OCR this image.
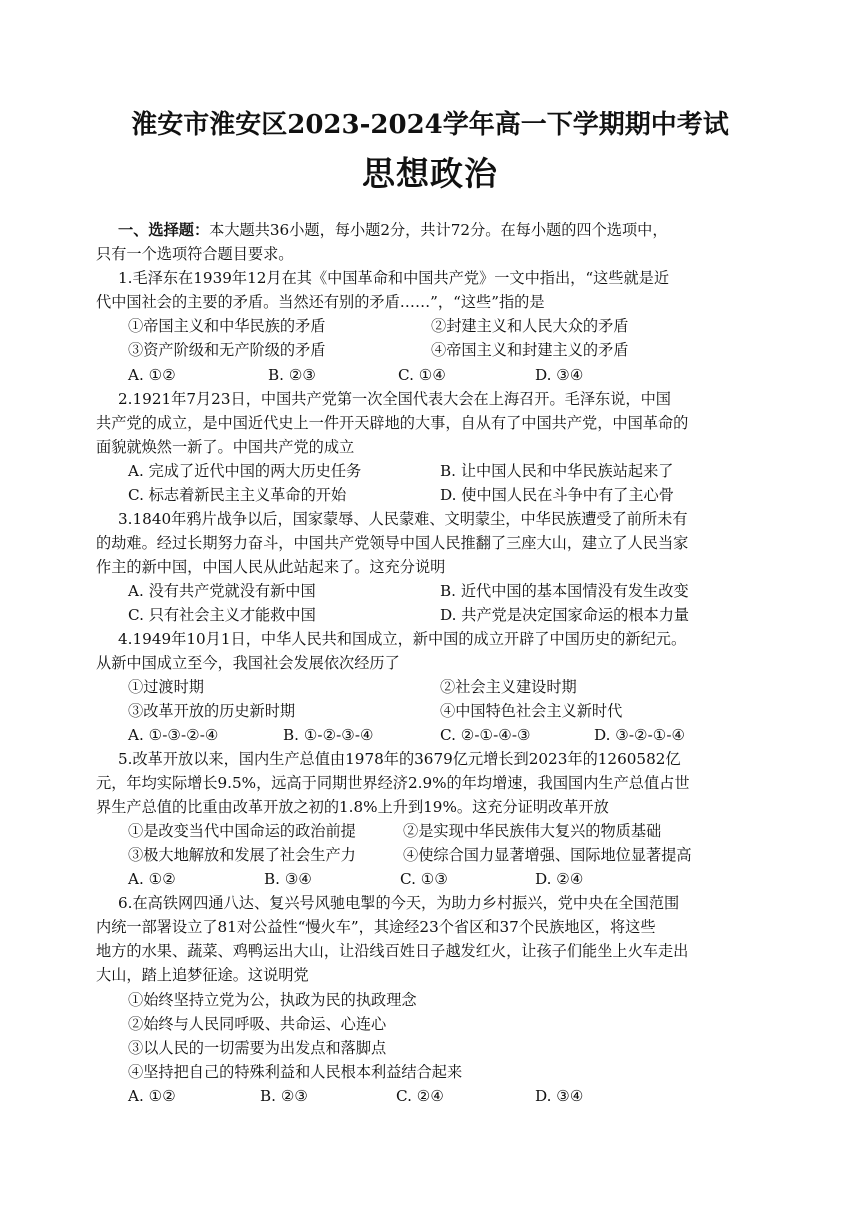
淮安市淮安区2023-2024学年高一下学期期中考试
思想政治
一、选择题：本大题共36小题，每小题2分，共计72分。在每小题的四个选项中，
只有一个选项符合题目要求。
1.毛泽东在1939年12月在其《中国革命和中国共产党》一文中指出，“这些就是近
代中国社会的主要的矛盾。当然还有别的矛盾……”，“这些”指的是
①帝国主义和中华民族的矛盾	②封建主义和人民大众的矛盾
③资产阶级和无产阶级的矛盾	④帝国主义和封建主义的矛盾
A. ①②	B. ②③	C. ①④	D. ③④
2.1921年7月23日，中国共产党第一次全国代表大会在上海召开。毛泽东说，中国
共产党的成立，是中国近代史上一件开天辟地的大事，自从有了中国共产党，中国革命的
面貌就焕然一新了。中国共产党的成立
A. 完成了近代中国的两大历史任务	B. 让中国人民和中华民族站起来了
C. 标志着新民主主义革命的开始	D. 使中国人民在斗争中有了主心骨
3.1840年鸦片战争以后，国家蒙辱、人民蒙难、文明蒙尘，中华民族遭受了前所未有
的劫难。经过长期努力奋斗，中国共产党领导中国人民推翻了三座大山，建立了人民当家
作主的新中国，中国人民从此站起来了。这充分说明
A. 没有共产党就没有新中国	B. 近代中国的基本国情没有发生改变
C. 只有社会主义才能救中国	D. 共产党是决定国家命运的根本力量
4.1949年10月1日，中华人民共和国成立，新中国的成立开辟了中国历史的新纪元。
从新中国成立至今，我国社会发展依次经历了
①过渡时期	②社会主义建设时期
③改革开放的历史新时期	④中国特色社会主义新时代
A. ①-③-②-④	B. ①-②-③-④	C. ②-①-④-③	D. ③-②-①-④
5.改革开放以来，国内生产总值由1978年的3679亿元增长到2023年的1260582亿
元，年均实际增长9.5%，远高于同期世界经济2.9%的年均增速，我国国内生产总值占世
界生产总值的比重由改革开放之初的1.8%上升到19%。这充分证明改革开放
①是改变当代中国命运的政治前提	②是实现中华民族伟大复兴的物质基础
③极大地解放和发展了社会生产力	④使综合国力显著增强、国际地位显著提高
A. ①②	B. ③④	C. ①③	D. ②④
6.在高铁网四通八达、复兴号风驰电掣的今天，为助力乡村振兴，党中央在全国范围
内统一部署设立了81对公益性“慢火车”，其途经23个省区和37个民族地区，将这些
地方的水果、蔬菜、鸡鸭运出大山，让沿线百姓日子越发红火，让孩子们能坐上火车走出
大山，踏上追梦征途。这说明党
①始终坚持立党为公，执政为民的执政理念
②始终与人民同呼吸、共命运、心连心
③以人民的一切需要为出发点和落脚点
④坚持把自己的特殊利益和人民根本利益结合起来
A. ①②	B. ②③	C. ②④	D. ③④
